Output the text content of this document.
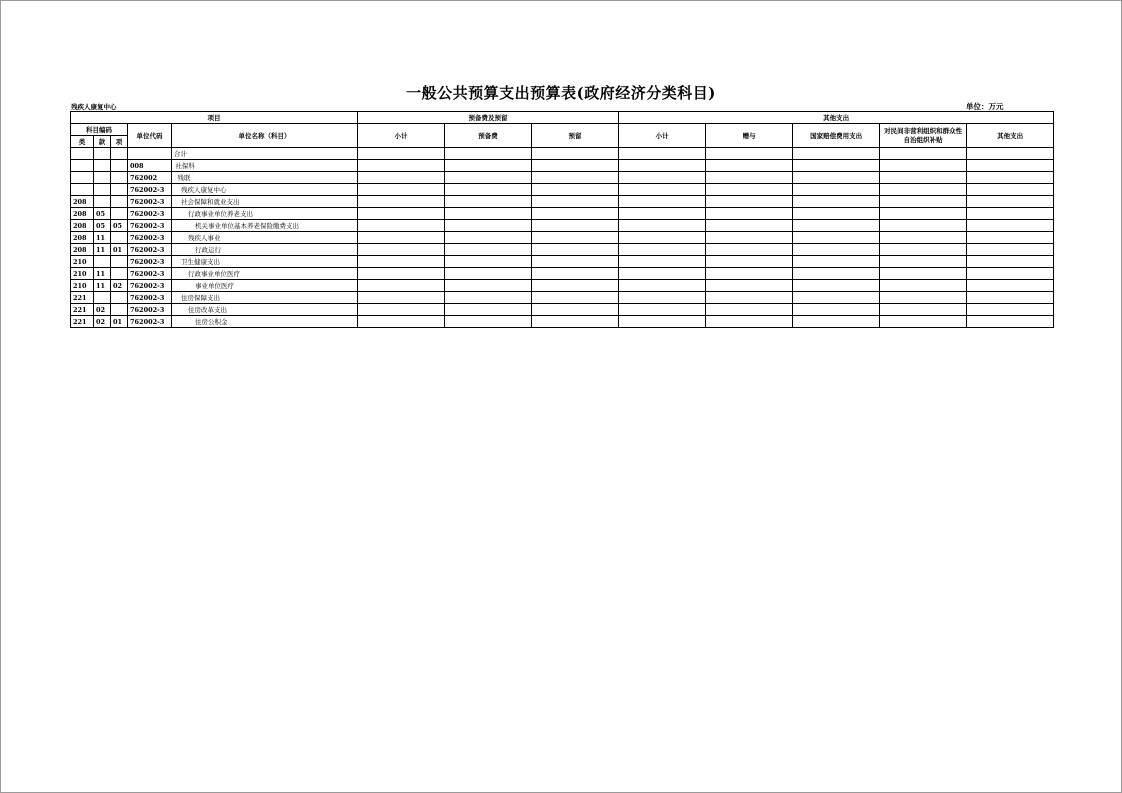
一般公共预算支出预算表(政府经济分类科目)
残疾人康复中心	单位：万元
项目					预备费及预留			其他支出				
科目编码			单位代码	单位名称（科目）	小计	预备费	预留	小计	赠与	国家赔偿费用支出	对民间非营利组织和群众性自治组织补贴	其他支出
类	款	项										
				合计								
			008	社保科								
			762002	残联								
			762002-3	残疾人康复中心								
208			762002-3	社会保障和就业支出								
208	05		762002-3	行政事业单位养老支出								
208	05	05	762002-3	机关事业单位基本养老保险缴费支出								
208	11		762002-3	残疾人事业								
208	11	01	762002-3	行政运行								
210			762002-3	卫生健康支出								
210	11		762002-3	行政事业单位医疗								
210	11	02	762002-3	事业单位医疗								
221			762002-3	住房保障支出								
221	02		762002-3	住房改革支出								
221	02	01	762002-3	住房公积金								
